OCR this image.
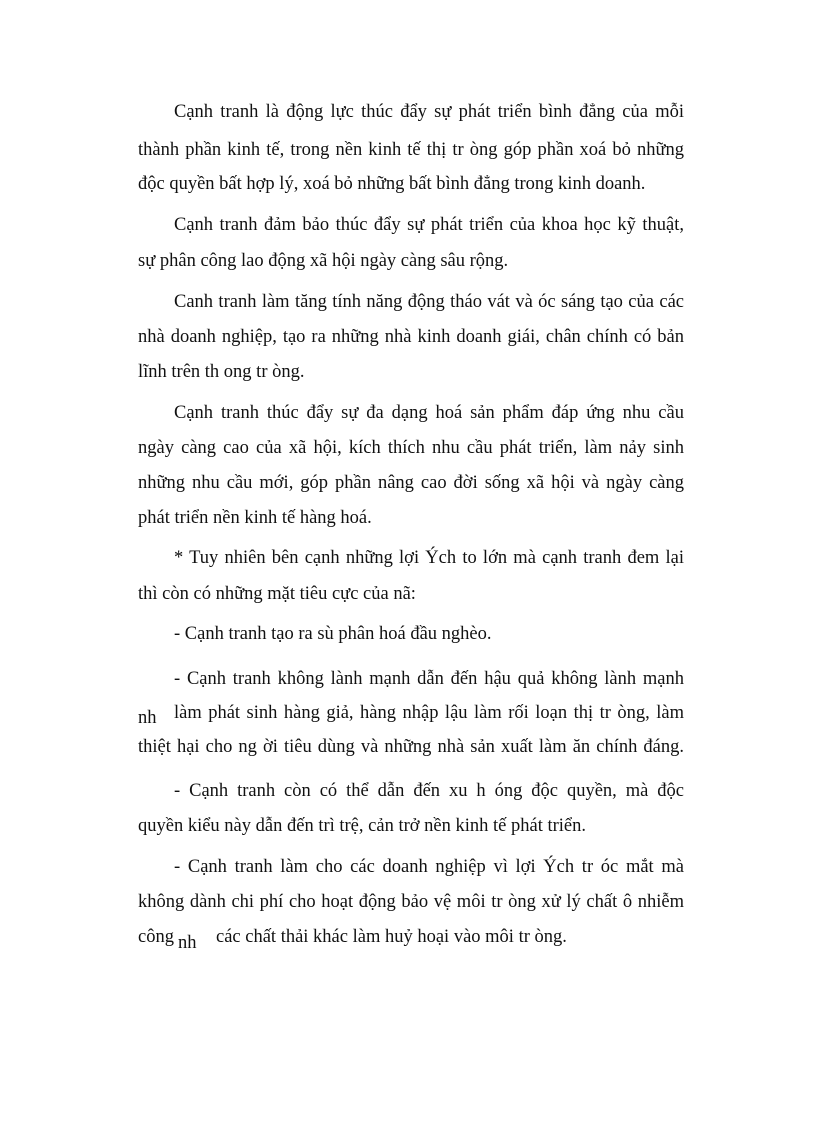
Cạnh tranh là động lực thúc đẩy sự phát triển bình đẳng của mỗi
thành phần kinh tế, trong nền kinh tế thị tr òng góp phần xoá bỏ những
độc quyền bất hợp lý, xoá bỏ những bất bình đẳng trong kinh doanh.
Cạnh tranh đảm bảo thúc đẩy sự phát triển của khoa học kỹ thuật,
sự phân công lao động xã hội ngày càng sâu rộng.
Canh tranh làm tăng tính năng động tháo vát và óc sáng tạo của các
nhà doanh nghiệp, tạo ra những nhà kinh doanh giái, chân chính có bản
lĩnh trên th ong tr òng.
Cạnh tranh thúc đẩy sự đa dạng hoá sản phẩm đáp ứng nhu cầu
ngày càng cao của xã hội, kích thích nhu cầu phát triển, làm nảy sinh
những nhu cầu mới, góp phần nâng cao đời sống xã hội và ngày càng
phát triển nền kinh tế hàng hoá.
* Tuy nhiên bên cạnh những lợi Ých to lớn mà cạnh tranh đem lại
thì còn có những mặt tiêu cực của nã:
- Cạnh tranh tạo ra sù phân hoá đầu nghèo.
- Cạnh tranh không lành mạnh dẫn đến hậu quả không lành mạnh
nh làm phát sinh hàng giả, hàng nhập lậu làm rối loạn thị tr òng, làm
thiệt hại cho ng ời tiêu dùng và những nhà sản xuất làm ăn chính đáng.
- Cạnh tranh còn có thể dẫn đến xu h óng độc quyền, mà độc
quyền kiểu này dẫn đến trì trệ, cản trở nền kinh tế phát triển.
- Cạnh tranh làm cho các doanh nghiệp vì lợi Ých tr óc mắt mà
không dành chi phí cho hoạt động bảo vệ môi tr òng xử lý chất ô nhiễm
công nh các chất thải khác làm huỷ hoại vào môi tr òng.
